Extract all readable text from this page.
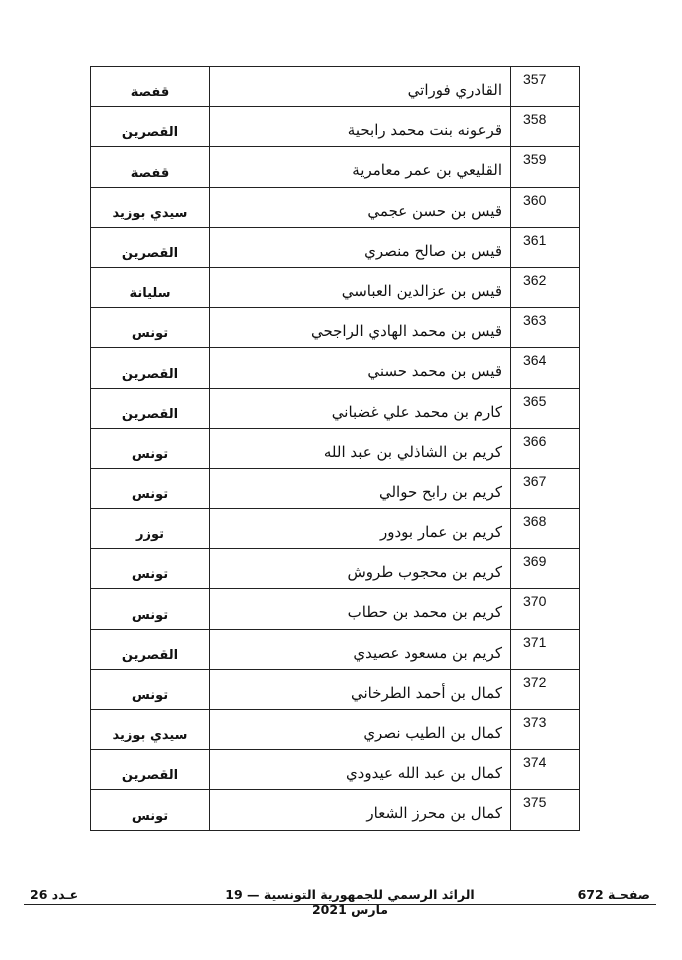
قفصة	القادري فوراتي	357

القصرين	قرعونه بنت محمد رابحية	358

قفصة	القليعي بن عمر معامرية	359

سيدي بوزيد	قيس بن حسن عجمي	360

القصرين	قيس بن صالح منصري	361

سليانة	قيس بن عزالدين العباسي	362

تونس	قيس بن محمد الهادي الراجحي	363

القصرين	قيس بن محمد حسني	364

القصرين	كارم بن محمد علي غضباني	365

تونس	كريم بن الشاذلي بن عبد الله	366

تونس	كريم بن رابح حوالي	367

توزر	كريم بن عمار بودور	368

تونس	كريم بن محجوب طروش	369

تونس	كريم بن محمد بن حطاب	370

القصرين	كريم بن مسعود عصيدي	371

تونس	كمال بن أحمد الطرخاني	372

سيدي بوزيد	كمال بن الطيب نصري	373

القصرين	كمال بن عبد الله عيدودي	374

تونس	كمال بن محرز الشعار	375
عـدد 26	الرائد الرسمي للجمهورية التونسية — 19 مارس 2021
صفحـة 672
